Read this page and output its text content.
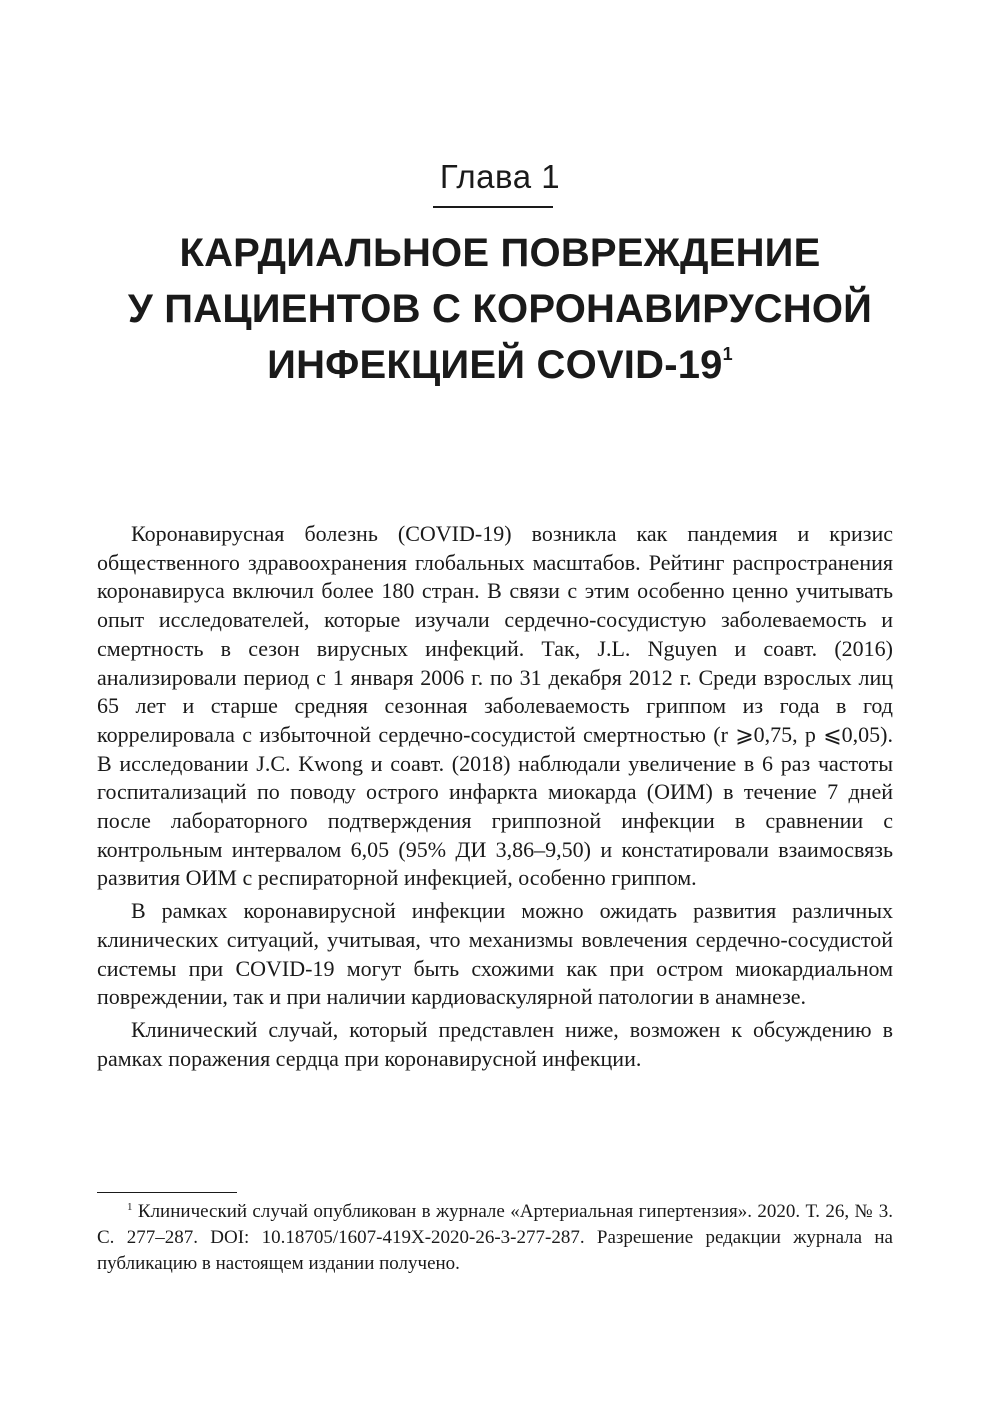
Глава 1
КАРДИАЛЬНОЕ ПОВРЕЖДЕНИЕ
У ПАЦИЕНТОВ С КОРОНАВИРУСНОЙ
ИНФЕКЦИЕЙ COVID-$19^1$

Коронавирусная болезнь (COVID-19) возникла как пандемия и кризис общественного здравоохранения глобальных масштабов. Рейтинг распространения коронавируса включил более 180 стран. В связи с этим особенно ценно учитывать опыт исследователей, которые изучали сердечно-сосудистую заболеваемость и смертность в сезон вирусных инфекций. Так, J.L. Nguyen и соавт. (2016) анализировали период с 1 января 2006 г. по 31 декабря 2012 г. Среди взрослых лиц 65 лет и старше средняя сезонная заболеваемость гриппом из года в год коррелировала с избыточной сердечно-сосудистой смертностью (r ⩾0,75, p ⩽0,05). В исследовании J.C. Kwong и соавт. (2018) наблюдали увеличение в 6 раз частоты госпитализаций по поводу острого инфаркта миокарда (ОИМ) в течение 7 дней после лабораторного подтверждения гриппозной инфекции в сравнении с контрольным интервалом 6,05 (95% ДИ 3,86–9,50) и констатировали взаимосвязь развития ОИМ с респираторной инфекцией, особенно гриппом.

В рамках коронавирусной инфекции можно ожидать развития различных клинических ситуаций, учитывая, что механизмы вовлечения сердечно-сосудистой системы при COVID-19 могут быть схожими как при остром миокардиальном повреждении, так и при наличии кардиоваскулярной патологии в анамнезе.

Клинический случай, который представлен ниже, возможен к обсуждению в рамках поражения сердца при коронавирусной инфекции.

$^1$ Клинический случай опубликован в журнале «Артериальная гипертензия». 2020. Т. 26, № 3. С. 277–287. DOI: 10.18705/1607-419X-2020-26-3-277-287. Разрешение редакции журнала на публикацию в настоящем издании получено.
